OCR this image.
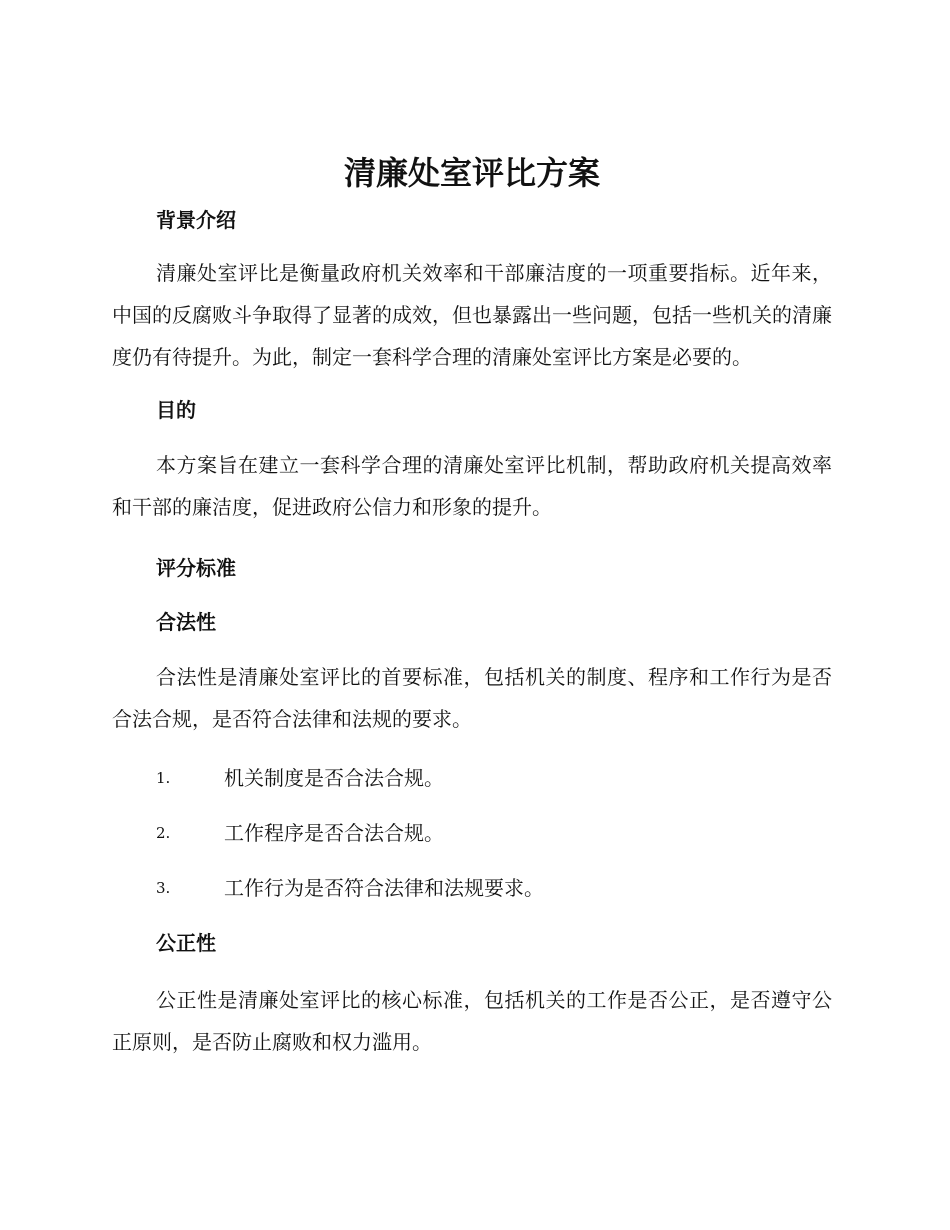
清廉处室评比方案
背景介绍

清廉处室评比是衡量政府机关效率和干部廉洁度的一项重要指标。近年来，中国的反腐败斗争取得了显著的成效，但也暴露出一些问题，包括一些机关的清廉度仍有待提升。为此，制定一套科学合理的清廉处室评比方案是必要的。

目的

本方案旨在建立一套科学合理的清廉处室评比机制，帮助政府机关提高效率和干部的廉洁度，促进政府公信力和形象的提升。

评分标准
合法性

合法性是清廉处室评比的首要标准，包括机关的制度、程序和工作行为是否合法合规，是否符合法律和法规的要求。

1.	机关制度是否合法合规。
2.	工作程序是否合法合规。
3.	工作行为是否符合法律和法规要求。
公正性

公正性是清廉处室评比的核心标准，包括机关的工作是否公正，是否遵守公正原则，是否防止腐败和权力滥用。
